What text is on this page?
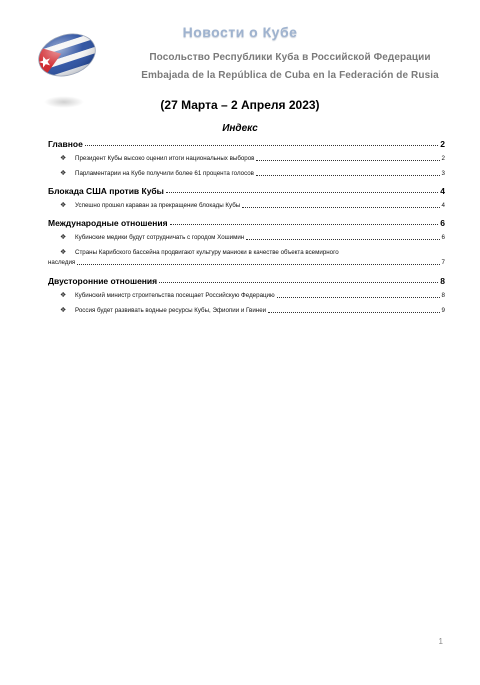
Новости о Кубе
Посольство Республики Куба в Российской Федерации
Embajada de la República de Cuba en la Federación de Rusia
(27 Марта – 2 Апреля 2023)
Индекс
Главное	2
❖	Президент Кубы высоко оценил итоги национальных выборов	2
❖	Парламентарии на Кубе получили более 61 процента голосов	3
Блокада США против Кубы	4
❖	Успешно прошел караван за прекращение блокады Кубы	4
Международные отношения	6
❖	Кубинские медики будут сотрудничать с городом Хошимин	6
❖	Страны Карибского бассейна продвигают культуру маниоки в качестве объекта всемирного
наследия	7
Двусторонние отношения	8
❖	Кубинский министр строительства посещает Российскую Федерацию	8
❖	Россия будет развивать водные ресурсы Кубы, Эфиопии и Гвинеи	9
1
